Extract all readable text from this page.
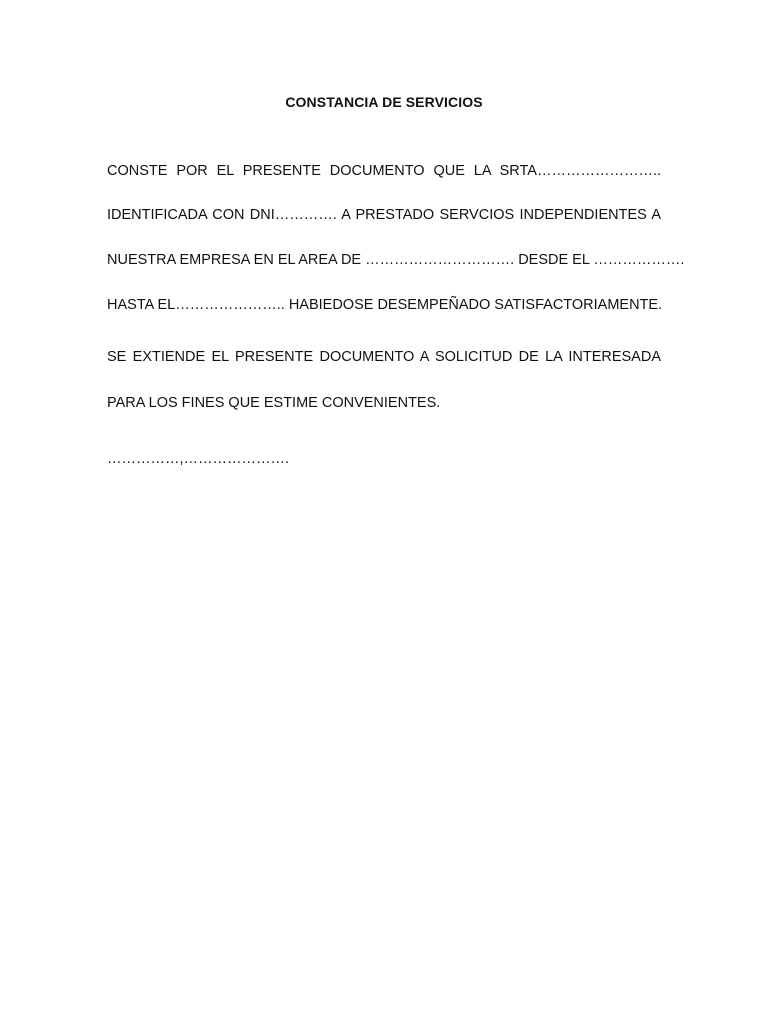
CONSTANCIA DE SERVICIOS
CONSTE POR EL PRESENTE DOCUMENTO QUE LA SRTA……………………..
IDENTIFICADA CON DNI…………. A PRESTADO SERVCIOS INDEPENDIENTES A
NUESTRA EMPRESA EN EL AREA DE …………………………. DESDE EL ……………….
HASTA EL………………….. HABIEDOSE DESEMPEÑADO SATISFACTORIAMENTE.
SE EXTIENDE EL PRESENTE DOCUMENTO A SOLICITUD DE LA INTERESADA
PARA LOS FINES QUE ESTIME CONVENIENTES.
……………,………………….
